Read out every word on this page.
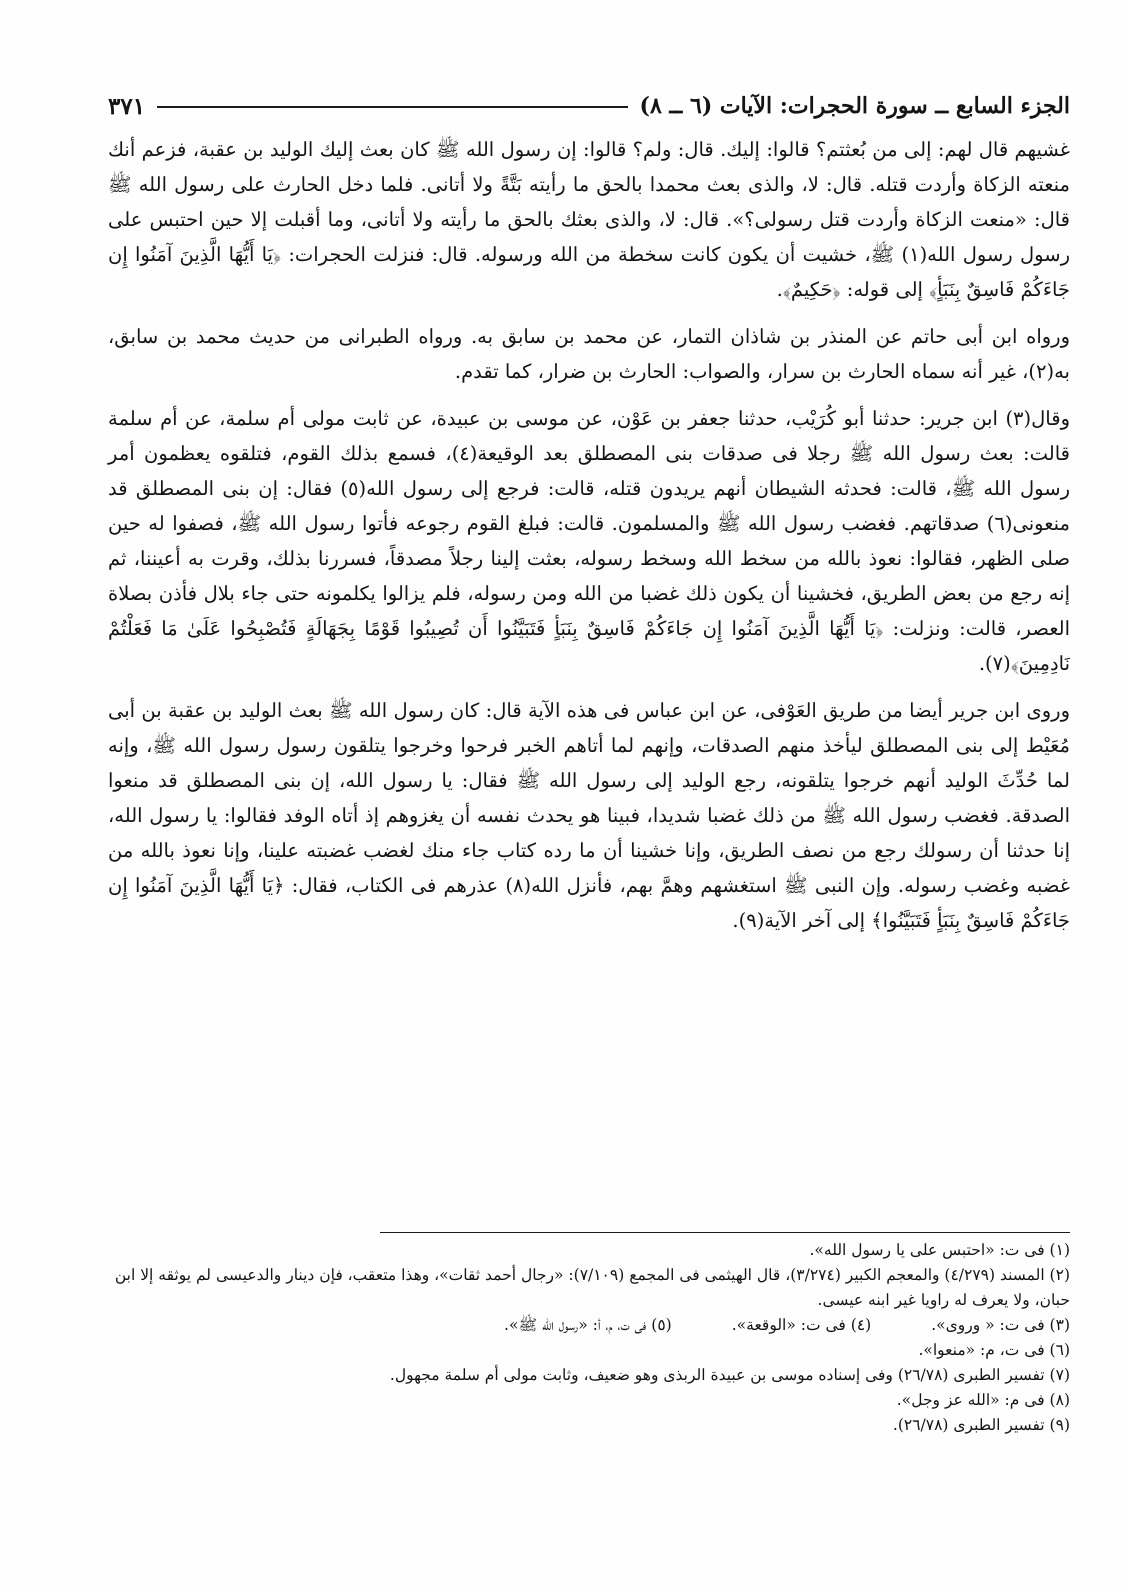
الجزء السابع ــ سورة الحجرات: الآيات (٦ ــ ٨)
٣٧١

غشيهم قال لهم: إلى من بُعثتم؟ قالوا: إليك. قال: ولم؟ قالوا: إن رسول الله ﷺ كان بعث إليك الوليد بن عقبة، فزعم أنك منعته الزكاة وأردت قتله. قال: لا، والذى بعث محمدا بالحق ما رأيته بَتَّةً ولا أتانى. فلما دخل الحارث على رسول الله ﷺ قال: «منعت الزكاة وأردت قتل رسولى؟». قال: لا، والذى بعثك بالحق ما رأيته ولا أتانى، وما أقبلت إلا حين احتبس على رسول رسول الله(١) ﷺ، خشيت أن يكون كانت سخطة من الله ورسوله. قال: فنزلت الحجرات: ﴿يَا أَيُّهَا الَّذِينَ آمَنُوا إِن جَاءَكُمْ فَاسِقٌ بِنَبَأٍ﴾ إلى قوله: ﴿حَكِيمٌ﴾.

ورواه ابن أبى حاتم عن المنذر بن شاذان التمار، عن محمد بن سابق به. ورواه الطبرانى من حديث محمد بن سابق، به(٢)، غير أنه سماه الحارث بن سرار، والصواب: الحارث بن ضرار، كما تقدم.

وقال(٣) ابن جرير: حدثنا أبو كُرَيْب، حدثنا جعفر بن عَوْن، عن موسى بن عبيدة، عن ثابت مولى أم سلمة، عن أم سلمة قالت: بعث رسول الله ﷺ رجلا فى صدقات بنى المصطلق بعد الوقيعة(٤)، فسمع بذلك القوم، فتلقوه يعظمون أمر رسول الله ﷺ، قالت: فحدثه الشيطان أنهم يريدون قتله، قالت: فرجع إلى رسول الله(٥) فقال: إن بنى المصطلق قد منعونى(٦) صدقاتهم. فغضب رسول الله ﷺ والمسلمون. قالت: فبلغ القوم رجوعه فأتوا رسول الله ﷺ، فصفوا له حين صلى الظهر، فقالوا: نعوذ بالله من سخط الله وسخط رسوله، بعثت إلينا رجلاً مصدقاً، فسررنا بذلك، وقرت به أعيننا، ثم إنه رجع من بعض الطريق، فخشينا أن يكون ذلك غضبا من الله ومن رسوله، فلم يزالوا يكلمونه حتى جاء بلال فأذن بصلاة العصر، قالت: ونزلت: ﴿يَا أَيُّهَا الَّذِينَ آمَنُوا إِن جَاءَكُمْ فَاسِقٌ بِنَبَأٍ فَتَبَيَّنُوا أَن تُصِيبُوا قَوْمًا بِجَهَالَةٍ فَتُصْبِحُوا عَلَىٰ مَا فَعَلْتُمْ نَادِمِينَ﴾(٧).

وروى ابن جرير أيضا من طريق العَوْفى، عن ابن عباس فى هذه الآية قال: كان رسول الله ﷺ بعث الوليد بن عقبة بن أبى مُعَيْط إلى بنى المصطلق ليأخذ منهم الصدقات، وإنهم لما أتاهم الخبر فرحوا وخرجوا يتلقون رسول رسول الله ﷺ، وإنه لما حُدِّثَ الوليد أنهم خرجوا يتلقونه، رجع الوليد إلى رسول الله ﷺ فقال: يا رسول الله، إن بنى المصطلق قد منعوا الصدقة. فغضب رسول الله ﷺ من ذلك غضبا شديدا، فبينا هو يحدث نفسه أن يغزوهم إذ أتاه الوفد فقالوا: يا رسول الله، إنا حدثنا أن رسولك رجع من نصف الطريق، وإنا خشينا أن ما رده كتاب جاء منك لغضب غضبته علينا، وإنا نعوذ بالله من غضبه وغضب رسوله. وإن النبى ﷺ استغشهم وهمَّ بهم، فأنزل الله(٨) عذرهم فى الكتاب، فقال: ﴿يَا أَيُّهَا الَّذِينَ آمَنُوا إِن جَاءَكُمْ فَاسِقٌ بِنَبَأٍ فَتَبَيَّنُوا﴾ إلى آخر الآية(٩).

(١) فى ت: «احتبس على يا رسول الله».

(٢) المسند (٤/٢٧٩) والمعجم الكبير (٣/٢٧٤)، قال الهيثمى فى المجمع (٧/١٠٩): «رجال أحمد ثقات»، وهذا متعقب، فإن دينار والدعيسى لم يوثقه إلا ابن حبان، ولا يعرف له راويا غير ابنه عيسى.

(٣) فى ت: « وروى».
(٤) فى ت: «الوقعة».
(٥) فى ت، م، أ: «رسول الله ﷺ».

(٦) فى ت، م: «منعوا».

(٧) تفسير الطبرى (٢٦/٧٨) وفى إسناده موسى بن عبيدة الربذى وهو ضعيف، وثابت مولى أم سلمة مجهول.

(٨) فى م: «الله عز وجل».

(٩) تفسير الطبرى (٢٦/٧٨).
